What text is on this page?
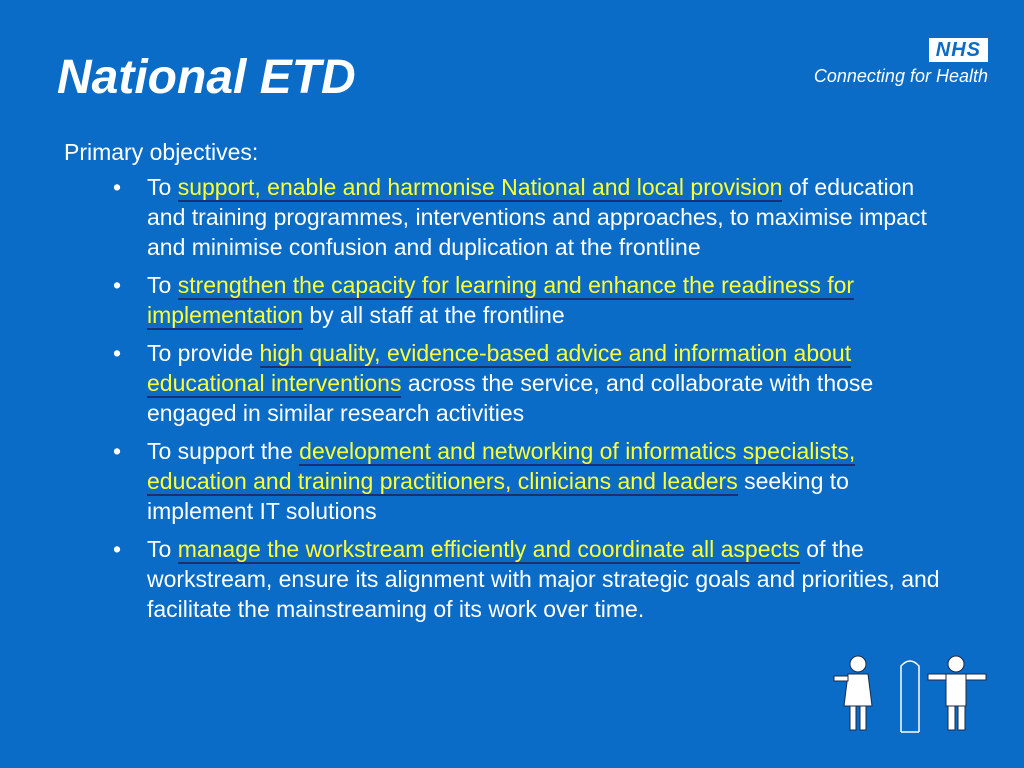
National ETD
NHS
Connecting for Health

Primary objectives:

• To support, enable and harmonise National and local provision of education and training programmes, interventions and approaches, to maximise impact and minimise confusion and duplication at the frontline
• To strengthen the capacity for learning and enhance the readiness for implementation by all staff at the frontline
• To provide high quality, evidence-based advice and information about educational interventions across the service, and collaborate with those engaged in similar research activities
• To support the development and networking of informatics specialists, education and training practitioners, clinicians and leaders seeking to implement IT solutions
• To manage the workstream efficiently and coordinate all aspects of the workstream, ensure its alignment with major strategic goals and priorities, and facilitate the mainstreaming of its work over time.
